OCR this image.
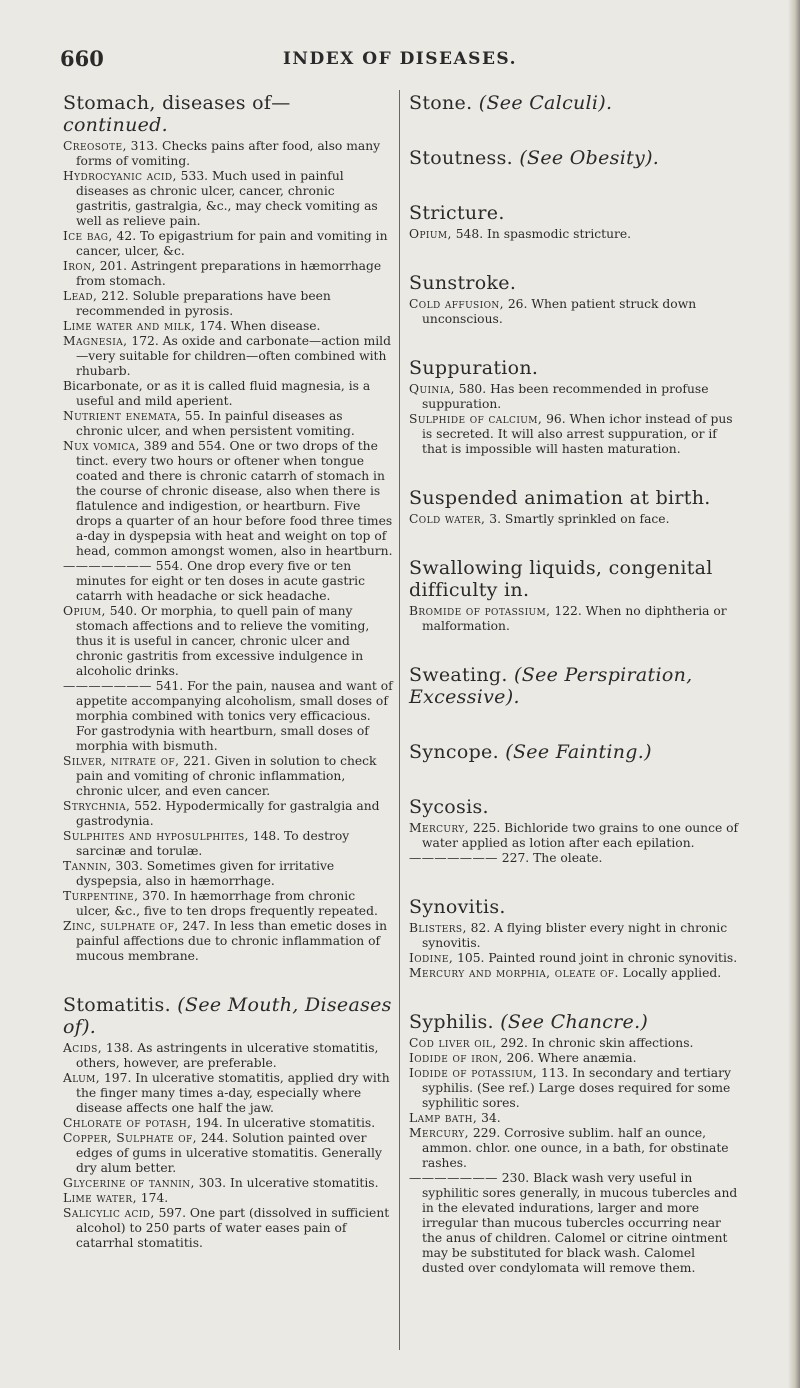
660	INDEX OF DISEASES.
Stomach, diseases of—continued.

Creosote, 313. Checks pains after food, also many forms of vomiting.

Hydrocyanic acid, 533. Much used in painful diseases as chronic ulcer, cancer, chronic gastritis, gastralgia, &c., may check vomiting as well as relieve pain.

Ice bag, 42. To epigastrium for pain and vomiting in cancer, ulcer, &c.

Iron, 201. Astringent preparations in hæmorrhage from stomach.

Lead, 212. Soluble preparations have been recommended in pyrosis.

Lime water and milk, 174. When disease.

Magnesia, 172. As oxide and carbonate—action mild—very suitable for children—often combined with rhubarb.

Bicarbonate, or as it is called fluid magnesia, is a useful and mild aperient.

Nutrient enemata, 55. In painful diseases as chronic ulcer, and when persistent vomiting.

Nux vomica, 389 and 554. One or two drops of the tinct. every two hours or oftener when tongue coated and there is chronic catarrh of stomach in the course of chronic disease, also when there is flatulence and indigestion, or heartburn. Five drops a quarter of an hour before food three times a-day in dyspepsia with heat and weight on top of head, common amongst women, also in heartburn.

——————— 554. One drop every five or ten minutes for eight or ten doses in acute gastric catarrh with headache or sick headache.

Opium, 540. Or morphia, to quell pain of many stomach affections and to relieve the vomiting, thus it is useful in cancer, chronic ulcer and chronic gastritis from excessive indulgence in alcoholic drinks.

——————— 541. For the pain, nausea and want of appetite accompanying alcoholism, small doses of morphia combined with tonics very efficacious. For gastrodynia with heartburn, small doses of morphia with bismuth.

Silver, nitrate of, 221. Given in solution to check pain and vomiting of chronic inflammation, chronic ulcer, and even cancer.

Strychnia, 552. Hypodermically for gastralgia and gastrodynia.

Sulphites and hyposulphites, 148. To destroy sarcinæ and torulæ.

Tannin, 303. Sometimes given for irritative dyspepsia, also in hæmorrhage.

Turpentine, 370. In hæmorrhage from chronic ulcer, &c., five to ten drops frequently repeated.

Zinc, sulphate of, 247. In less than emetic doses in painful affections due to chronic inflammation of mucous membrane.

Stomatitis. (See Mouth, Diseases of).

Acids, 138. As astringents in ulcerative stomatitis, others, however, are preferable.

Alum, 197. In ulcerative stomatitis, applied dry with the finger many times a-day, especially where disease affects one half the jaw.

Chlorate of potash, 194. In ulcerative stomatitis.

Copper, Sulphate of, 244. Solution painted over edges of gums in ulcerative stomatitis. Generally dry alum better.

Glycerine of tannin, 303. In ulcerative stomatitis.

Lime water, 174.

Salicylic acid, 597. One part (dissolved in sufficient alcohol) to 250 parts of water eases pain of catarrhal stomatitis.

Stone. (See Calculi).
Stoutness. (See Obesity).
Stricture.

Opium, 548. In spasmodic stricture.

Sunstroke.

Cold affusion, 26. When patient struck down unconscious.

Suppuration.

Quinia, 580. Has been recommended in profuse suppuration.

Sulphide of calcium, 96. When ichor instead of pus is secreted. It will also arrest suppuration, or if that is impossible will hasten maturation.

Suspended animation at birth.

Cold water, 3. Smartly sprinkled on face.

Swallowing liquids, congenital difficulty in.

Bromide of potassium, 122. When no diphtheria or malformation.

Sweating. (See Perspiration, Excessive).
Syncope. (See Fainting.)
Sycosis.

Mercury, 225. Bichloride two grains to one ounce of water applied as lotion after each epilation.

——————— 227. The oleate.

Synovitis.

Blisters, 82. A flying blister every night in chronic synovitis.

Iodine, 105. Painted round joint in chronic synovitis.

Mercury and morphia, oleate of. Locally applied.

Syphilis. (See Chancre.)

Cod liver oil, 292. In chronic skin affections.

Iodide of iron, 206. Where anæmia.

Iodide of potassium, 113. In secondary and tertiary syphilis. (See ref.) Large doses required for some syphilitic sores.

Lamp bath, 34.

Mercury, 229. Corrosive sublim. half an ounce, ammon. chlor. one ounce, in a bath, for obstinate rashes.

——————— 230. Black wash very useful in syphilitic sores generally, in mucous tubercles and in the elevated indurations, larger and more irregular than mucous tubercles occurring near the anus of children. Calomel or citrine ointment may be substituted for black wash. Calomel dusted over condylomata will remove them.
